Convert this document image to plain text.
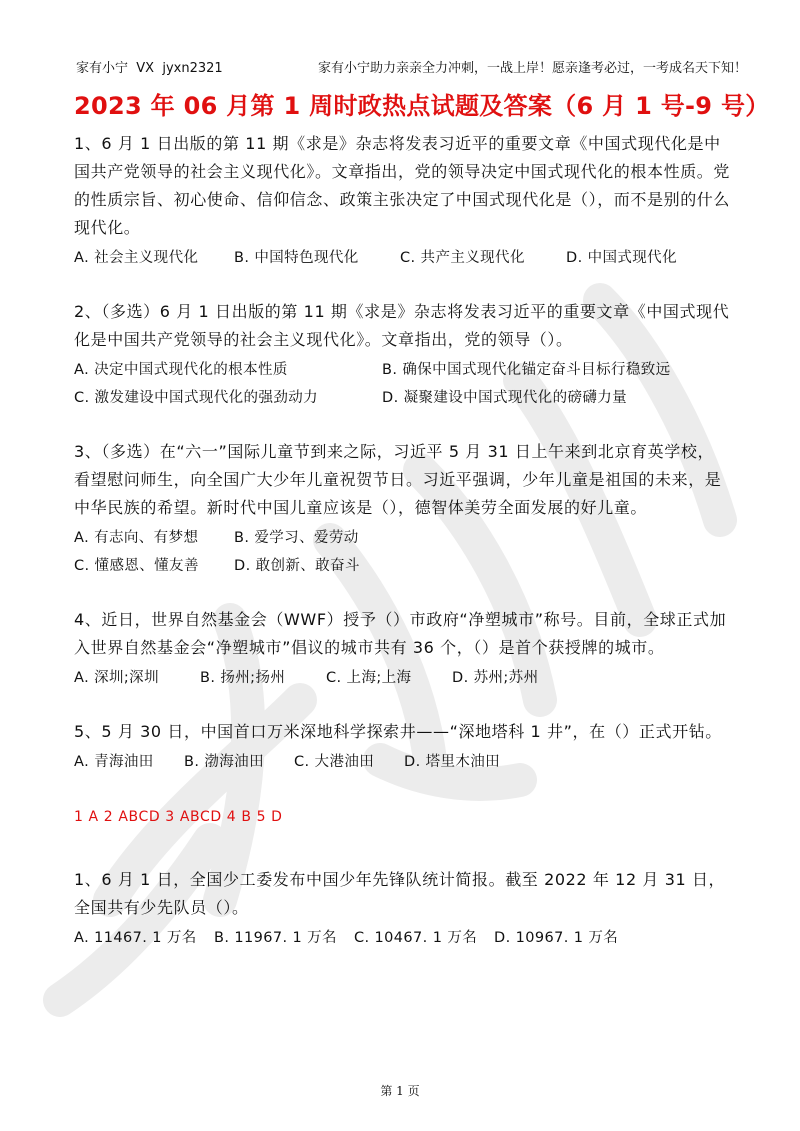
家有小宁  VX  jyxn2321	家有小宁助力亲亲全力冲刺，一战上岸！愿亲逢考必过，一考成名天下知！
2023 年 06 月第 1 周时政热点试题及答案（6 月 1 号-9 号）

1、6 月 1 日出版的第 11 期《求是》杂志将发表习近平的重要文章《中国式现代化是中国共产党领导的社会主义现代化》。文章指出，党的领导决定中国式现代化的根本性质。党的性质宗旨、初心使命、信仰信念、政策主张决定了中国式现代化是（），而不是别的什么现代化。

A. 社会主义现代化 B. 中国特色现代化	C. 共产主义现代化	D. 中国式现代化

2、（多选）6 月 1 日出版的第 11 期《求是》杂志将发表习近平的重要文章《中国式现代化是中国共产党领导的社会主义现代化》。文章指出，党的领导（）。

A. 决定中国式现代化的根本性质	B. 确保中国式现代化锚定奋斗目标行稳致远
C. 激发建设中国式现代化的强劲动力	D. 凝聚建设中国式现代化的磅礴力量

3、（多选）在“六一”国际儿童节到来之际，习近平 5 月 31 日上午来到北京育英学校，看望慰问师生，向全国广大少年儿童祝贺节日。习近平强调，少年儿童是祖国的未来，是中华民族的希望。新时代中国儿童应该是（），德智体美劳全面发展的好儿童。

A. 有志向、有梦想 B. 爱学习、爱劳动
C. 懂感恩、懂友善 D. 敢创新、敢奋斗

4、近日，世界自然基金会（WWF）授予（）市政府“净塑城市”称号。目前，全球正式加入世界自然基金会“净塑城市”倡议的城市共有 36 个，（）是首个获授牌的城市。

A. 深圳;深圳	B. 扬州;扬州	C. 上海;上海	D. 苏州;苏州

5、5 月 30 日，中国首口万米深地科学探索井——“深地塔科 1 井”，在（）正式开钻。

A. 青海油田 B. 渤海油田 C. 大港油田 D. 塔里木油田

1 A 2 ABCD 3 ABCD 4 B 5 D

1、6 月 1 日，全国少工委发布中国少年先锋队统计简报。截至 2022 年 12 月 31 日，全国共有少先队员（）。

A. 11467. 1 万名 B. 11967. 1 万名 C. 10467. 1 万名 D. 10967. 1 万名

第 1 页
